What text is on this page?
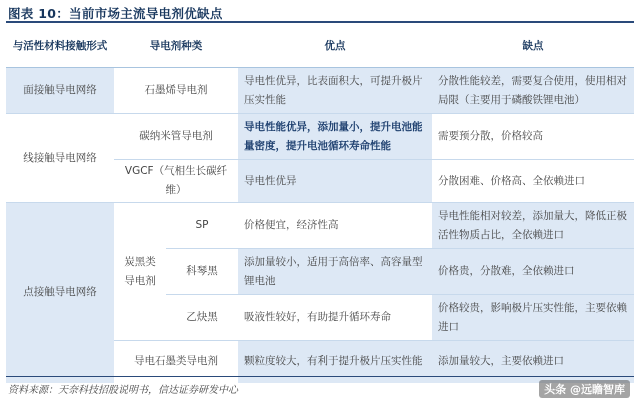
图表 10：当前市场主流导电剂优缺点
与活性材料接触形式	导电剂种类		优点	缺点
面接触导电网络	石墨烯导电剂		导电性优异，比表面积大，可提升极片压实性能	分散性能较差，需要复合使用，使用相对局限（主要用于磷酸铁锂电池）
线接触导电网络	碳纳米管导电剂		导电性能优异，添加量小，提升电池能量密度，提升电池循环寿命性能	需要预分散，价格较高
	VGCF（气相生长碳纤维）		导电性优异	分散困难、价格高、全依赖进口
点接触导电网络	炭黑类导电剂	SP	价格便宜，经济性高	导电性能相对较差，添加量大，降低正极活性物质占比，全依赖进口
		科琴黑	添加量较小，适用于高倍率、高容量型锂电池	价格贵，分散难，全依赖进口
		乙炔黑	吸液性较好，有助提升循环寿命	价格较贵，影响极片压实性能，主要依赖进口
	导电石墨类导电剂		颗粒度较大，有利于提升极片压实性能	添加量较大，主要依赖进口
资料来源：天奈科技招股说明书，信达证券研发中心	头条 @远瞻智库
